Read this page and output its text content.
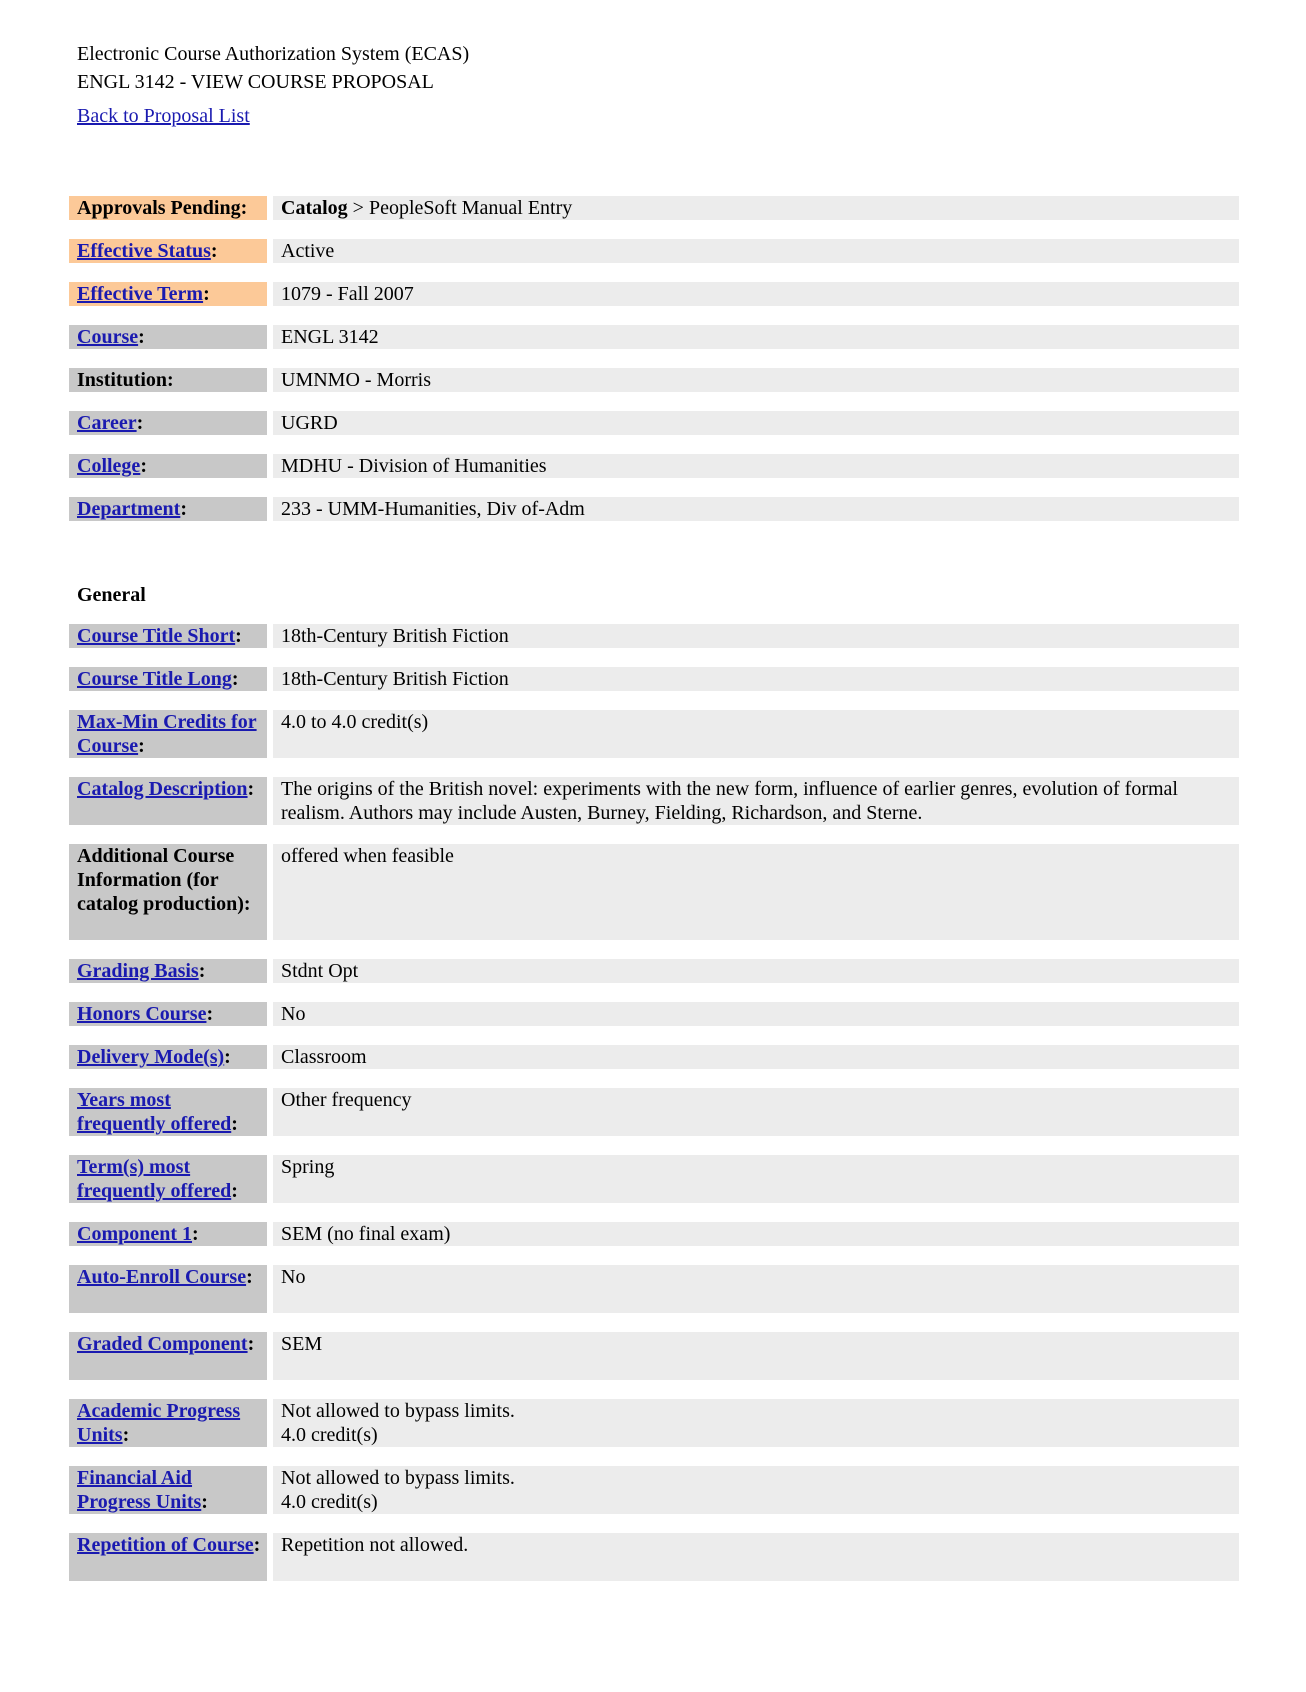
Electronic Course Authorization System (ECAS)
ENGL 3142 - VIEW COURSE PROPOSAL
Back to Proposal List
Approvals Pending:	Catalog > PeopleSoft Manual Entry
Effective Status:	Active
Effective Term:	1079 - Fall 2007
Course:	ENGL 3142
Institution:	UMNMO - Morris
Career:	UGRD
College:	MDHU - Division of Humanities
Department:	233 - UMM-Humanities, Div of-Adm
General
Course Title Short:	18th-Century British Fiction
Course Title Long:	18th-Century British Fiction
Max-Min Credits for Course:
4.0 to 4.0 credit(s)
Catalog Description:	The origins of the British novel: experiments with the new form, influence of earlier genres, evolution of formal realism. Authors may include Austen, Burney, Fielding, Richardson, and Sterne.
Additional Course Information (for catalog production):
offered when feasible
Grading Basis:	Stdnt Opt
Honors Course:	No
Delivery Mode(s):	Classroom
Years most frequently offered:
Other frequency
Term(s) most frequently offered:
Spring
Component 1:	SEM (no final exam)
Auto-Enroll Course:	No
Graded Component:	SEM
Academic Progress Units:
Not allowed to bypass limits.
4.0 credit(s)
Financial Aid Progress Units:
Not allowed to bypass limits.
4.0 credit(s)
Repetition of Course:	Repetition not allowed.
